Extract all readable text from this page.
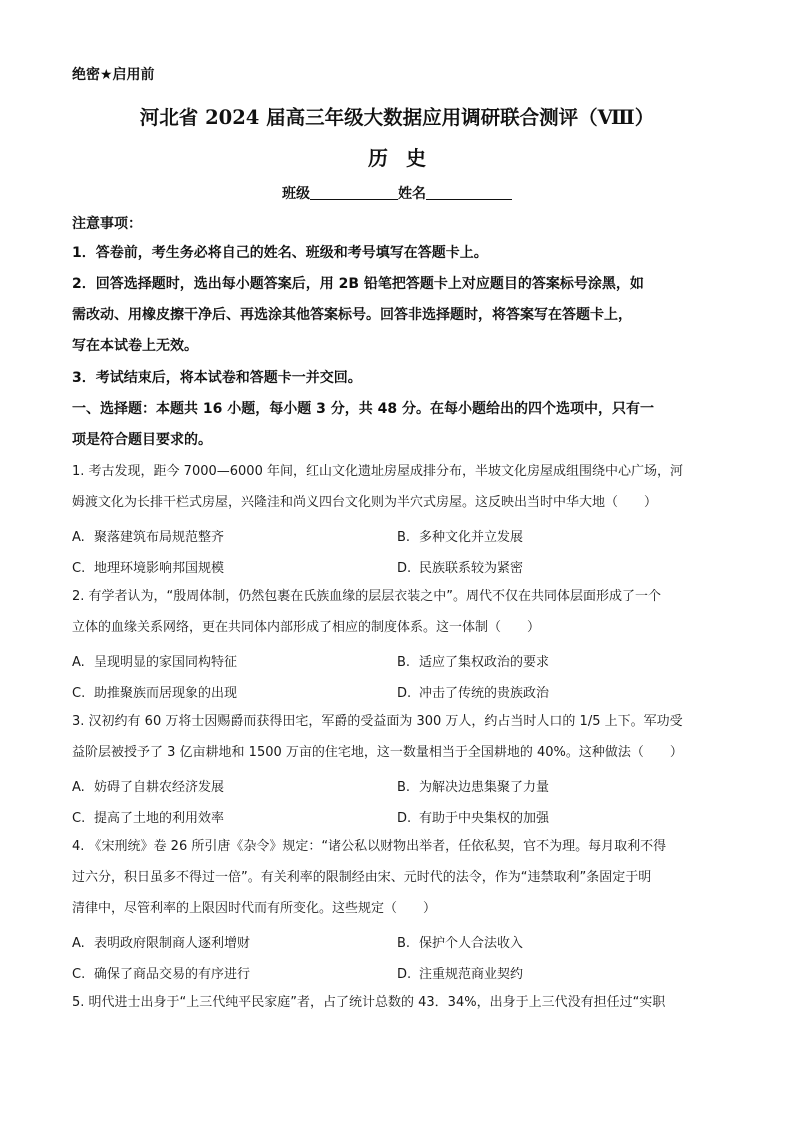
绝密★启用前
河北省 2024 届高三年级大数据应用调研联合测评（Ⅷ）
历史
班级	姓名
注意事项：
1．答卷前，考生务必将自己的姓名、班级和考号填写在答题卡上。
2．回答选择题时，选出每小题答案后，用 2B 铅笔把答题卡上对应题目的答案标号涂黑，如
需改动、用橡皮擦干净后、再选涂其他答案标号。回答非选择题时，将答案写在答题卡上，
写在本试卷上无效。
3．考试结束后，将本试卷和答题卡一并交回。
一、选择题：本题共 16 小题，每小题 3 分，共 48 分。在每小题给出的四个选项中，只有一
项是符合题目要求的。
1. 考古发现，距今 7000—6000 年间，红山文化遗址房屋成排分布，半坡文化房屋成组围绕中心广场，河
姆渡文化为长排干栏式房屋，兴隆洼和尚义四台文化则为半穴式房屋。这反映出当时中华大地（　　）
A. 聚落建筑布局规范整齐	B. 多种文化并立发展
C. 地理环境影响邦国规模	D. 民族联系较为紧密
2. 有学者认为，“殷周体制，仍然包裹在氏族血缘的层层衣装之中”。周代不仅在共同体层面形成了一个
立体的血缘关系网络，更在共同体内部形成了相应的制度体系。这一体制（　　）
A. 呈现明显的家国同构特征	B. 适应了集权政治的要求
C. 助推聚族而居现象的出现	D. 冲击了传统的贵族政治
3. 汉初约有 60 万将士因赐爵而获得田宅，军爵的受益面为 300 万人，约占当时人口的 1/5 上下。军功受
益阶层被授予了 3 亿亩耕地和 1500 万亩的住宅地，这一数量相当于全国耕地的 40%。这种做法（　　）
A. 妨碍了自耕农经济发展	B. 为解决边患集聚了力量
C. 提高了土地的利用效率	D. 有助于中央集权的加强
4. 《宋刑统》卷 26 所引唐《杂令》规定：“诸公私以财物出举者，任依私契，官不为理。每月取利不得
过六分，积日虽多不得过一倍”。有关利率的限制经由宋、元时代的法令，作为“违禁取利”条固定于明
清律中，尽管利率的上限因时代而有所变化。这些规定（　　）
A. 表明政府限制商人逐利增财	B. 保护个人合法收入
C. 确保了商品交易的有序进行	D. 注重规范商业契约
5. 明代进士出身于“上三代纯平民家庭”者，占了统计总数的 43．34%，出身于上三代没有担任过“实职
